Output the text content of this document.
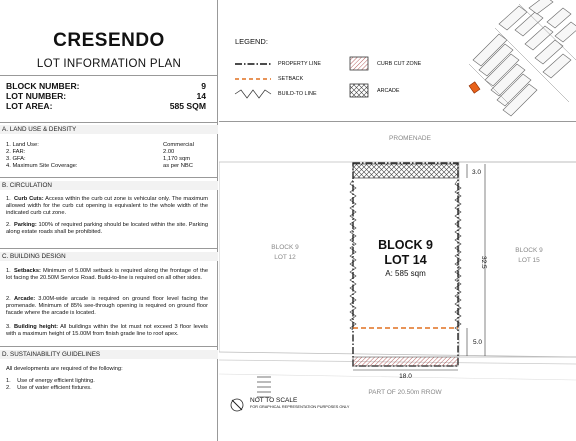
CRESENDO
LOT INFORMATION PLAN
BLOCK NUMBER:	9
LOT NUMBER:	14
LOT AREA:	585 SQM
A. LAND USE & DENSITY
1. Land Use:	Commercial
2. FAR:	2.00
3. GFA:	1,170 sqm
4. Maximum Site Coverage:	as per NBC
B. CIRCULATION
1. Curb Cuts: Access within the curb cut zone is vehicular only. The maximum allowed width for the curb cut opening is equivalent to the whole width of the indicated curb cut zone.
2. Parking: 100% of required parking should be located within the site. Parking along estate roads shall be prohibited.
C. BUILDING DESIGN
1. Setbacks: Minimum of 5.00M setback is required along the frontage of the lot facing the 20.50M Service Road. Build-to-line is required on all other sides.
2. Arcade: 3.00M-wide arcade is required on ground floor level facing the promenade. Minimum of 85% see-through opening is required on ground floor facade where the arcade is located.
3. Building height: All buildings within the lot must not exceed 3 floor levels with a maximum height of 15.00M from finish grade line to roof apex.
D. SUSTAINABILITY GUIDELINES
All developments are required of the following:
1. Use of energy efficient lighting.
2. Use of water efficient fixtures.
LEGEND:
PROPERTY LINE
SETBACK
BUILD-TO LINE
CURB CUT ZONE
ARCADE
PROMENADE
BLOCK 9
LOT 12
BLOCK 9
LOT 15
BLOCK 9
LOT 14
A: 585 sqm
3.0
32.5
5.0
18.0
PART OF 20.50m RROW
NOT TO SCALE
FOR GRAPHICAL REPRESENTATION PURPOSES ONLY
